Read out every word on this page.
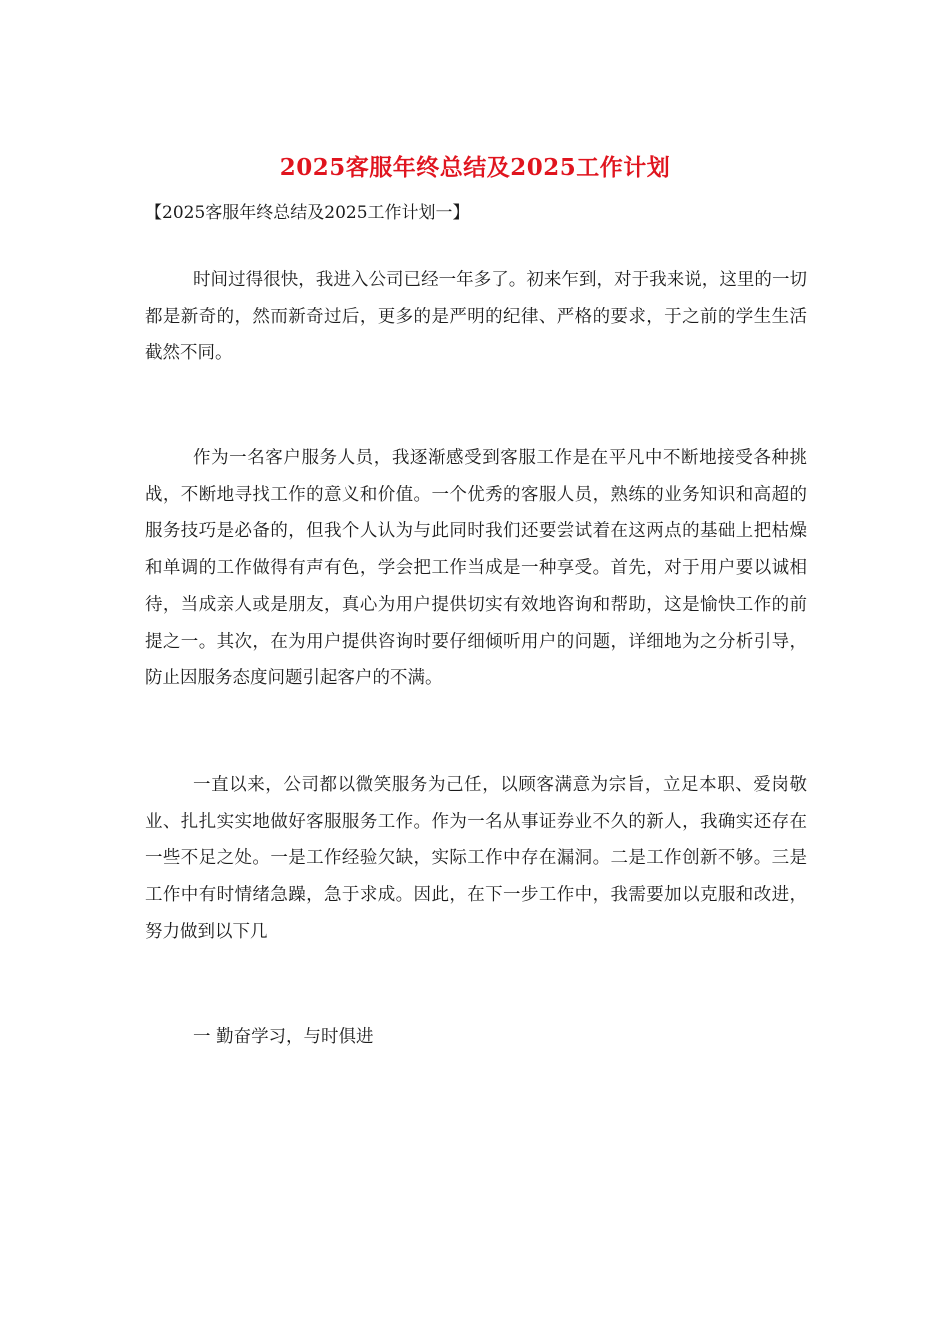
2025客服年终总结及2025工作计划
【2025客服年终总结及2025工作计划一】

时间过得很快，我进入公司已经一年多了。初来乍到，对于我来说，这里的一切都是新奇的，然而新奇过后，更多的是严明的纪律、严格的要求，于之前的学生生活截然不同。

作为一名客户服务人员，我逐渐感受到客服工作是在平凡中不断地接受各种挑战，不断地寻找工作的意义和价值。一个优秀的客服人员，熟练的业务知识和高超的服务技巧是必备的，但我个人认为与此同时我们还要尝试着在这两点的基础上把枯燥和单调的工作做得有声有色，学会把工作当成是一种享受。首先，对于用户要以诚相待，当成亲人或是朋友，真心为用户提供切实有效地咨询和帮助，这是愉快工作的前提之一。其次，在为用户提供咨询时要仔细倾听用户的问题，详细地为之分析引导，防止因服务态度问题引起客户的不满。

一直以来，公司都以微笑服务为己任，以顾客满意为宗旨，立足本职、爱岗敬业、扎扎实实地做好客服服务工作。作为一名从事证券业不久的新人，我确实还存在一些不足之处。一是工作经验欠缺，实际工作中存在漏洞。二是工作创新不够。三是工作中有时情绪急躁，急于求成。因此，在下一步工作中，我需要加以克服和改进，努力做到以下几

一 勤奋学习，与时俱进
